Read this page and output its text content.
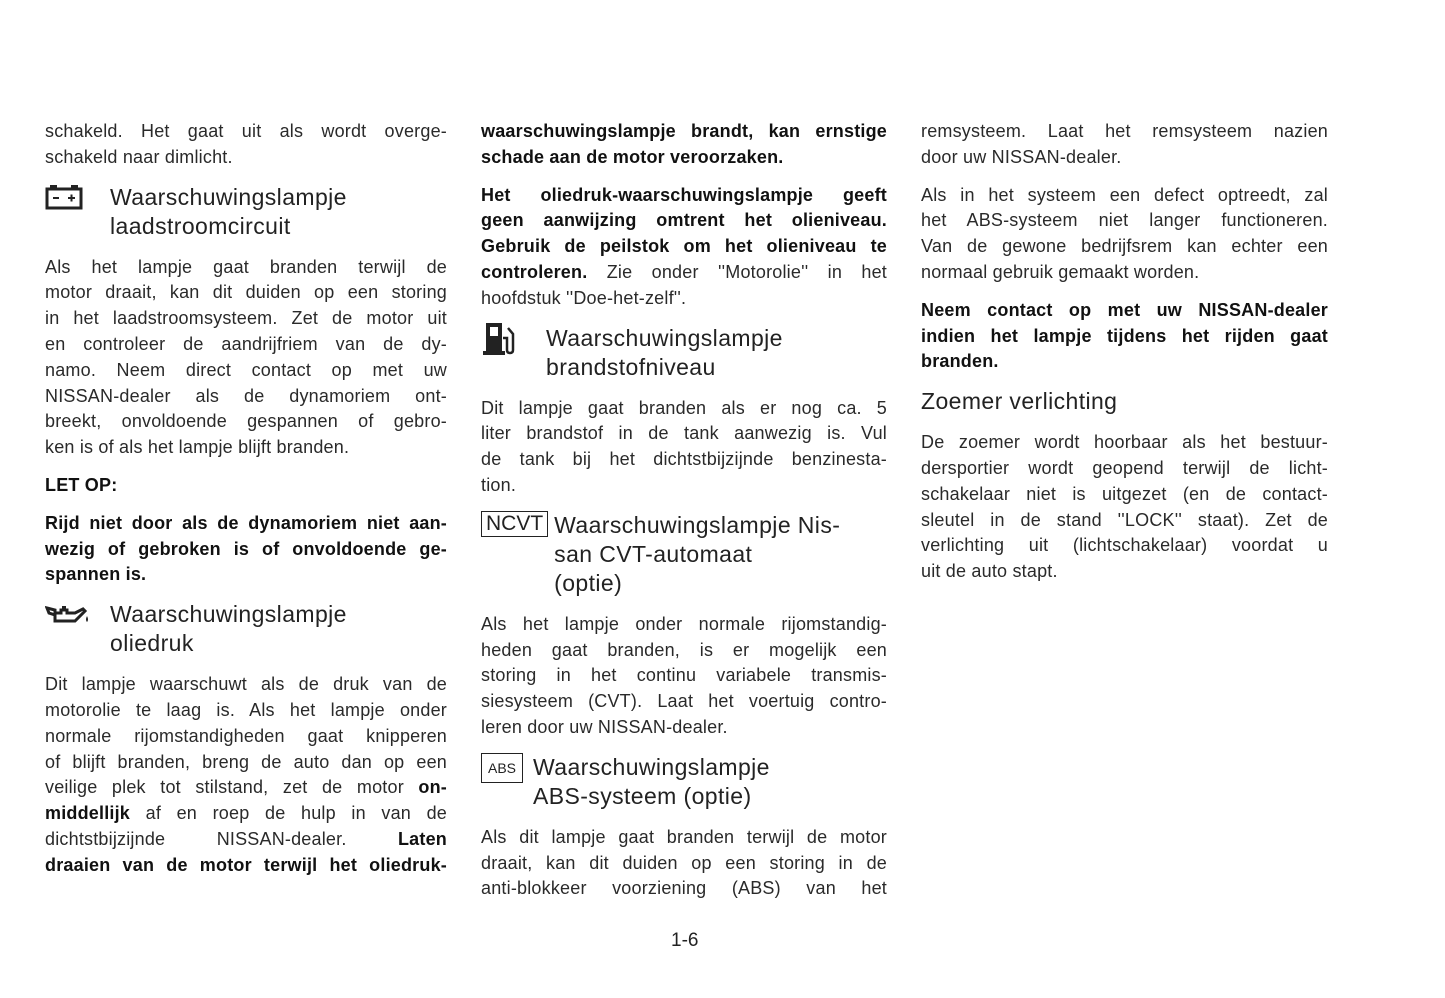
schakeld. Het gaat uit als wordt overge-
schakeld naar dimlicht.
Waarschuwingslampje
laadstroomcircuit
Als het lampje gaat branden terwijl de
motor draait, kan dit duiden op een storing
in het laadstroomsysteem. Zet de motor uit
en controleer de aandrijfriem van de dy-
namo. Neem direct contact op met uw
NISSAN-dealer als de dynamoriem ont-
breekt, onvoldoende gespannen of gebro-
ken is of als het lampje blijft branden.
LET OP:
Rijd niet door als de dynamoriem niet aan-
wezig of gebroken is of onvoldoende ge-
spannen is.
Waarschuwingslampje
oliedruk
Dit lampje waarschuwt als de druk van de
motorolie te laag is. Als het lampje onder
normale rijomstandigheden gaat knipperen
of blijft branden, breng de auto dan op een
veilige plek tot stilstand, zet de motor on-
middellijk af en roep de hulp in van de
dichtstbijzijnde NISSAN-dealer. Laten
draaien van de motor terwijl het oliedruk-
waarschuwingslampje brandt, kan ernstige
schade aan de motor veroorzaken.
Het oliedruk-waarschuwingslampje geeft
geen aanwijzing omtrent het olieniveau.
Gebruik de peilstok om het olieniveau te
controleren. Zie onder ''Motorolie'' in het
hoofdstuk ''Doe-het-zelf''.
Waarschuwingslampje
brandstofniveau
Dit lampje gaat branden als er nog ca. 5
liter brandstof in de tank aanwezig is. Vul
de tank bij het dichtstbijzijnde benzinesta-
tion.
NCVT Waarschuwingslampje Nis-
san CVT-automaat
(optie)
Als het lampje onder normale rijomstandig-
heden gaat branden, is er mogelijk een
storing in het continu variabele transmis-
siesysteem (CVT). Laat het voertuig contro-
leren door uw NISSAN-dealer.
ABS Waarschuwingslampje
ABS-systeem (optie)
Als dit lampje gaat branden terwijl de motor
draait, kan dit duiden op een storing in de
anti-blokkeer voorziening (ABS) van het
remsysteem. Laat het remsysteem nazien
door uw NISSAN-dealer.
Als in het systeem een defect optreedt, zal
het ABS-systeem niet langer functioneren.
Van de gewone bedrijfsrem kan echter een
normaal gebruik gemaakt worden.
Neem contact op met uw NISSAN-dealer
indien het lampje tijdens het rijden gaat
branden.
Zoemer verlichting
De zoemer wordt hoorbaar als het bestuur-
dersportier wordt geopend terwijl de licht-
schakelaar niet is uitgezet (en de contact-
sleutel in de stand ''LOCK'' staat). Zet de
verlichting uit (lichtschakelaar) voordat u
uit de auto stapt.
1-6
